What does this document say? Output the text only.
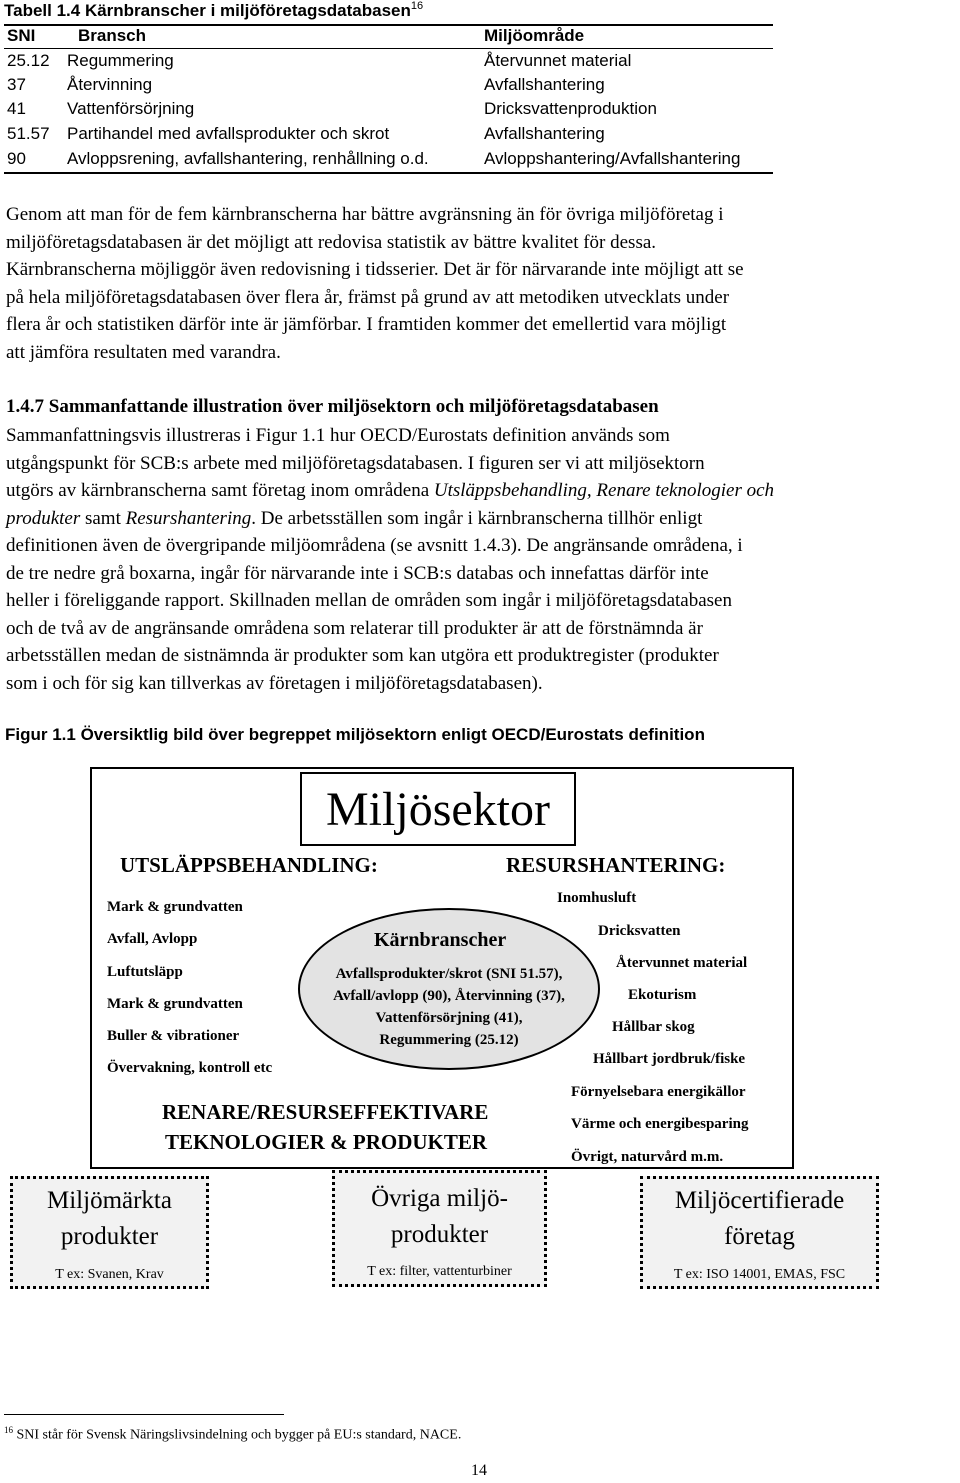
Tabell 1.4 Kärnbranscher i miljöföretagsdatabasen$^{16}$
SNI	Bransch	Miljöområde
25.12 Regummering	Återvunnet material
37 Återvinning	Avfallshantering
41 Vattenförsörjning	Dricksvattenproduktion
51.57 Partihandel med avfallsprodukter och skrot	Avfallshantering
90 Avloppsrening, avfallshantering, renhållning o.d.	Avloppshantering/Avfallshantering
Genom att man för de fem kärnbranscherna har bättre avgränsning än för övriga miljöföretag i
miljöföretagsdatabasen är det möjligt att redovisa statistik av bättre kvalitet för dessa.
Kärnbranscherna möjliggör även redovisning i tidsserier. Det är för närvarande inte möjligt att se
på hela miljöföretagsdatabasen över flera år, främst på grund av att metodiken utvecklats under
flera år och statistiken därför inte är jämförbar. I framtiden kommer det emellertid vara möjligt
att jämföra resultaten med varandra.
1.4.7 Sammanfattande illustration över miljösektorn och miljöföretagsdatabasen
Sammanfattningsvis illustreras i Figur 1.1 hur OECD/Eurostats definition används som
utgångspunkt för SCB:s arbete med miljöföretagsdatabasen. I figuren ser vi att miljösektorn
utgörs av kärnbranscherna samt företag inom områdena Utsläppsbehandling, Renare teknologier och
produkter samt Resurshantering. De arbetsställen som ingår i kärnbranscherna tillhör enligt
definitionen även de övergripande miljöområdena (se avsnitt 1.4.3). De angränsande områdena, i
de tre nedre grå boxarna, ingår för närvarande inte i SCB:s databas och innefattas därför inte
heller i föreliggande rapport. Skillnaden mellan de områden som ingår i miljöföretagsdatabasen
och de två av de angränsande områdena som relaterar till produkter är att de förstnämnda är
arbetsställen medan de sistnämnda är produkter som kan utgöra ett produktregister (produkter
som i och för sig kan tillverkas av företagen i miljöföretagsdatabasen).
Figur 1.1 Översiktlig bild över begreppet miljösektorn enligt OECD/Eurostats definition
Miljösektor
UTSLÄPPSBEHANDLING:	RESURSHANTERING:
Mark & grundvatten
Avfall, Avlopp
Luftutsläpp
Mark & grundvatten
Buller & vibrationer
Övervakning, kontroll etc
Inomhusluft
Dricksvatten
Återvunnet material
Ekoturism
Hållbar skog
Hållbart jordbruk/fiske
Förnyelsebara energikällor
Värme och energibesparing
Övrigt, naturvård m.m.
Kärnbranscher
Avfallsprodukter/skrot (SNI 51.57),
Avfall/avlopp (90), Återvinning (37),
Vattenförsörjning (41),
Regummering (25.12)
RENARE/RESURSEFFEKTIVARE
TEKNOLOGIER & PRODUKTER
Miljömärkta
produkter
T ex: Svanen, Krav
Övriga miljö-
produkter
T ex: filter, vattenturbiner
Miljöcertifierade
företag
T ex: ISO 14001, EMAS, FSC
$^{16}$ SNI står för Svensk Näringslivsindelning och bygger på EU:s standard, NACE.
14
